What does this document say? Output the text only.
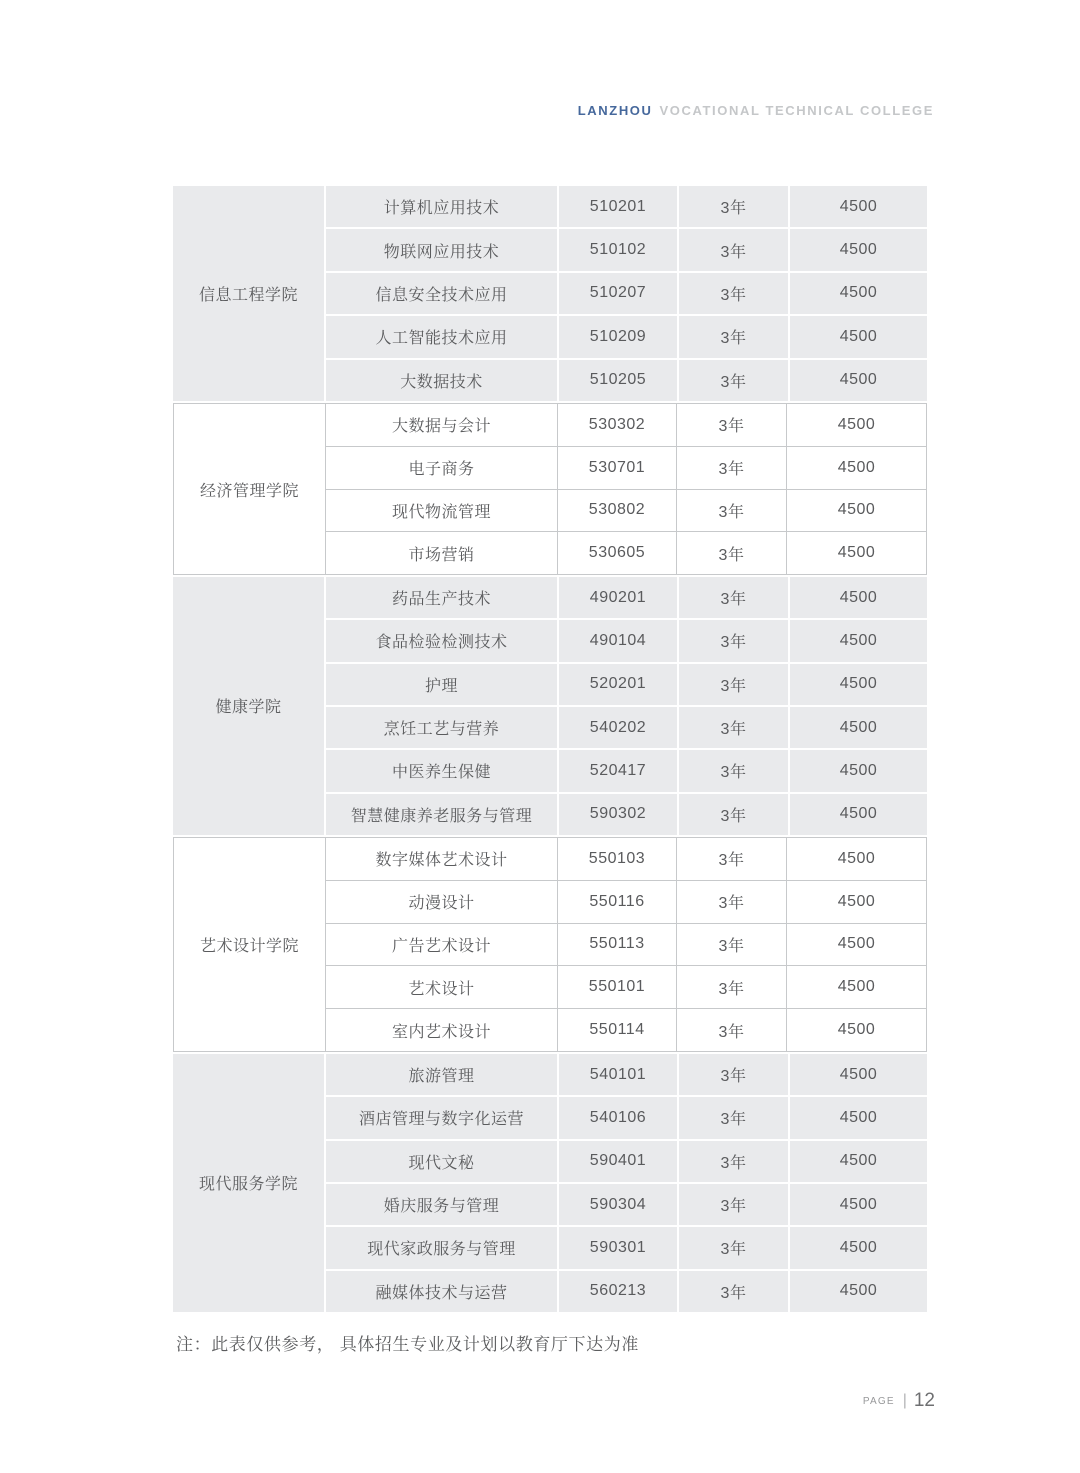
LANZHOU VOCATIONAL TECHNICAL COLLEGE
信息工程学院
计算机应用技术	510201	3年	4500
物联网应用技术	510102	3年	4500
信息安全技术应用	510207	3年	4500
人工智能技术应用	510209	3年	4500
大数据技术	510205	3年	4500
经济管理学院
大数据与会计	530302	3年	4500
电子商务	530701	3年	4500
现代物流管理	530802	3年	4500
市场营销	530605	3年	4500
健康学院
药品生产技术	490201	3年	4500
食品检验检测技术	490104	3年	4500
护理	520201	3年	4500
烹饪工艺与营养	540202	3年	4500
中医养生保健	520417	3年	4500
智慧健康养老服务与管理	590302	3年	4500
艺术设计学院
数字媒体艺术设计	550103	3年	4500
动漫设计	550116	3年	4500
广告艺术设计	550113	3年	4500
艺术设计	550101	3年	4500
室内艺术设计	550114	3年	4500
现代服务学院
旅游管理	540101	3年	4500
酒店管理与数字化运营	540106	3年	4500
现代文秘	590401	3年	4500
婚庆服务与管理	590304	3年	4500
现代家政服务与管理	590301	3年	4500
融媒体技术与运营	560213	3年	4500
注：此表仅供参考， 具体招生专业及计划以教育厅下达为准
PAGE | 12
